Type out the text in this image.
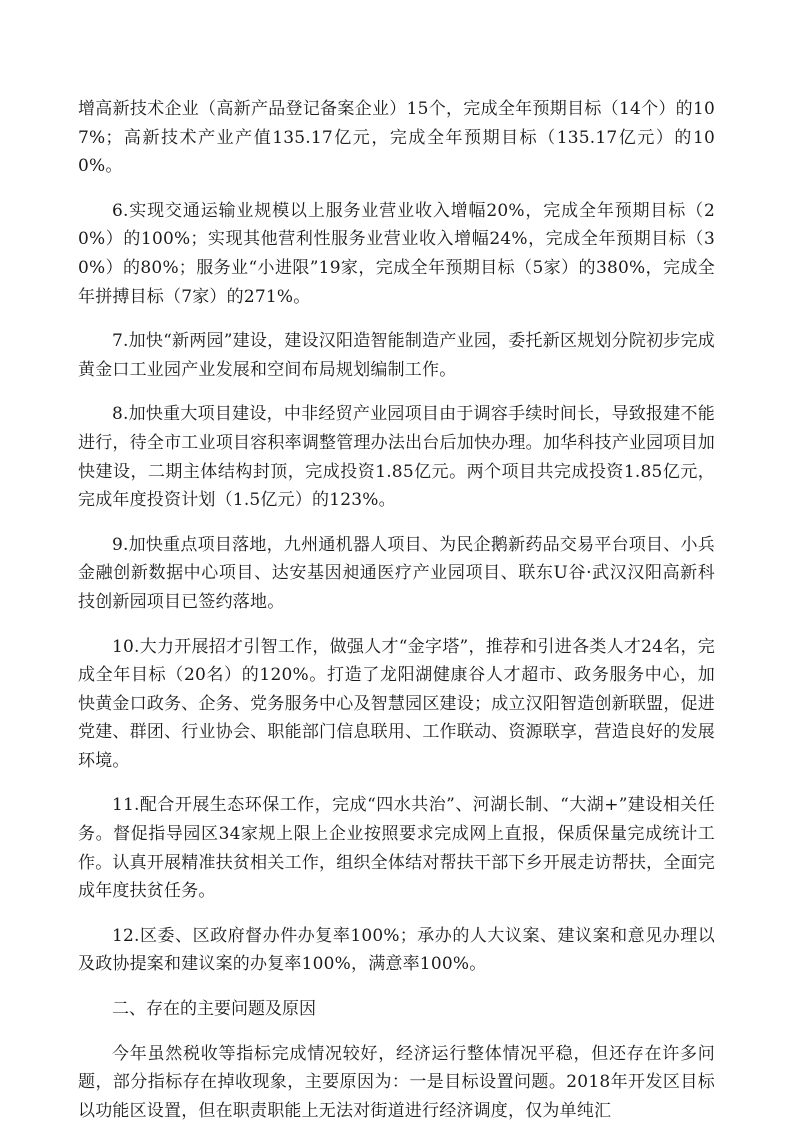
增高新技术企业（高新产品登记备案企业）15个，完成全年预期目标（14个）的107%；高新技术产业产值135.17亿元，完成全年预期目标（135.17亿元）的100%。

6.实现交通运输业规模以上服务业营业收入增幅20%，完成全年预期目标（20%）的100%；实现其他营利性服务业营业收入增幅24%，完成全年预期目标（30%）的80%；服务业“小进限”19家，完成全年预期目标（5家）的380%，完成全年拼搏目标（7家）的271%。

7.加快“新两园”建设，建设汉阳造智能制造产业园，委托新区规划分院初步完成黄金口工业园产业发展和空间布局规划编制工作。

8.加快重大项目建设，中非经贸产业园项目由于调容手续时间长，导致报建不能进行，待全市工业项目容积率调整管理办法出台后加快办理。加华科技产业园项目加快建设，二期主体结构封顶，完成投资1.85亿元。两个项目共完成投资1.85亿元，完成年度投资计划（1.5亿元）的123%。

9.加快重点项目落地，九州通机器人项目、为民企鹅新药品交易平台项目、小兵金融创新数据中心项目、达安基因昶通医疗产业园项目、联东U谷·武汉汉阳高新科技创新园项目已签约落地。

10.大力开展招才引智工作，做强人才“金字塔”，推荐和引进各类人才24名，完成全年目标（20名）的120%。打造了龙阳湖健康谷人才超市、政务服务中心，加快黄金口政务、企务、党务服务中心及智慧园区建设；成立汉阳智造创新联盟，促进党建、群团、行业协会、职能部门信息联用、工作联动、资源联享，营造良好的发展环境。

11.配合开展生态环保工作，完成“四水共治”、河湖长制、“大湖+”建设相关任务。督促指导园区34家规上限上企业按照要求完成网上直报，保质保量完成统计工作。认真开展精准扶贫相关工作，组织全体结对帮扶干部下乡开展走访帮扶，全面完成年度扶贫任务。

12.区委、区政府督办件办复率100%；承办的人大议案、建议案和意见办理以及政协提案和建议案的办复率100%，满意率100%。

二、存在的主要问题及原因

今年虽然税收等指标完成情况较好，经济运行整体情况平稳，但还存在许多问题，部分指标存在掉收现象，主要原因为：一是目标设置问题。2018年开发区目标以功能区设置，但在职责职能上无法对街道进行经济调度，仅为单纯汇
